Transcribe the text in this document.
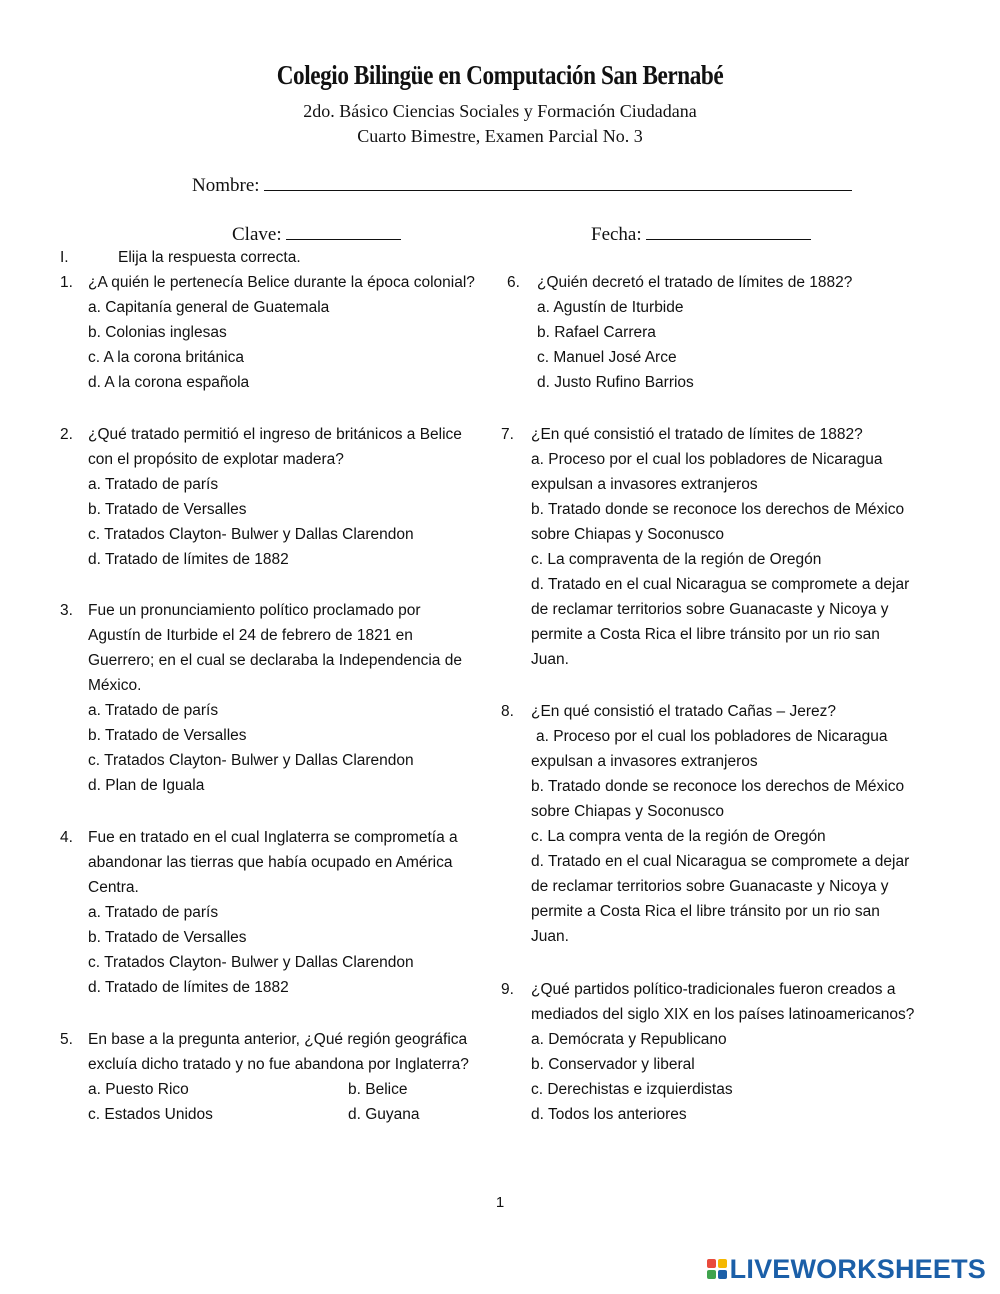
Colegio Bilingüe en Computación San Bernabé
2do. Básico Ciencias Sociales y Formación Ciudadana
Cuarto Bimestre, Examen Parcial No. 3
Nombre:
Clave:	Fecha:
I.	Elija la respuesta correcta.
1. ¿A quién le pertenecía Belice durante la época colonial?
a. Capitanía general de Guatemala
b. Colonias inglesas
c. A la corona británica
d. A la corona española
2. ¿Qué tratado permitió el ingreso de británicos a Belice
con el propósito de explotar madera?
a. Tratado de parís
b. Tratado de Versalles
c. Tratados Clayton- Bulwer y Dallas Clarendon
d. Tratado de límites de 1882
3. Fue un pronunciamiento político proclamado por
Agustín de Iturbide el 24 de febrero de 1821 en
Guerrero; en el cual se declaraba la Independencia de
México.
a. Tratado de parís
b. Tratado de Versalles
c. Tratados Clayton- Bulwer y Dallas Clarendon
d. Plan de Iguala
4. Fue en tratado en el cual Inglaterra se comprometía a
abandonar las tierras que había ocupado en América
Centra.
a. Tratado de parís
b. Tratado de Versalles
c. Tratados Clayton- Bulwer y Dallas Clarendon
d. Tratado de límites de 1882
5. En base a la pregunta anterior, ¿Qué región geográfica
excluía dicho tratado y no fue abandona por Inglaterra?
a. Puesto Rico	b. Belice
c. Estados Unidos	d. Guyana
6. ¿Quién decretó el tratado de límites de 1882?
a. Agustín de Iturbide
b. Rafael Carrera
c. Manuel José Arce
d. Justo Rufino Barrios
7. ¿En qué consistió el tratado de límites de 1882?
a. Proceso por el cual los pobladores de Nicaragua
expulsan a invasores extranjeros
b. Tratado donde se reconoce los derechos de México
sobre Chiapas y Soconusco
c. La compraventa de la región de Oregón
d. Tratado en el cual Nicaragua se compromete a dejar
de reclamar territorios sobre Guanacaste y Nicoya y
permite a Costa Rica el libre tránsito por un rio san
Juan.
8. ¿En qué consistió el tratado Cañas – Jerez?
a. Proceso por el cual los pobladores de Nicaragua
expulsan a invasores extranjeros
b. Tratado donde se reconoce los derechos de México
sobre Chiapas y Soconusco
c. La compra venta de la región de Oregón
d. Tratado en el cual Nicaragua se compromete a dejar
de reclamar territorios sobre Guanacaste y Nicoya y
permite a Costa Rica el libre tránsito por un rio san
Juan.
9. ¿Qué partidos político-tradicionales fueron creados a
mediados del siglo XIX en los países latinoamericanos?
a. Demócrata y Republicano
b. Conservador y liberal
c. Derechistas e izquierdistas
d. Todos los anteriores
1
LIVEWORKSHEETS
